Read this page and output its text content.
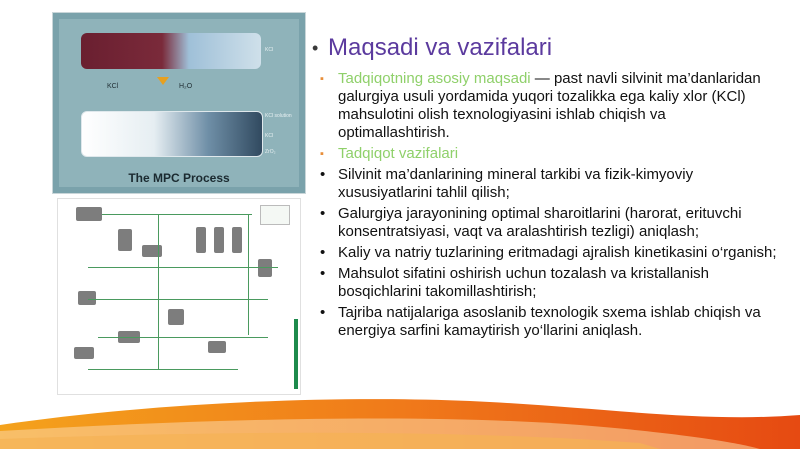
KCl
KCl	H₂O
KCl solution
KCl
ZrO₂
The MPC Process
• Maqsadi va vazifalari
▪ Tadqiqotning asosiy maqsadi — past navli silvinit ma’danlaridan galurgiya usuli yordamida yuqori tozalikka ega kaliy xlor (KCl) mahsulotini olish texnologiyasini ishlab chiqish va optimallashtirish.
▪ Tadqiqot vazifalari
• Silvinit ma’danlarining mineral tarkibi va fizik-kimyoviy xususiyatlarini tahlil qilish;
• Galurgiya jarayonining optimal sharoitlarini (harorat, erituvchi konsentratsiyasi, vaqt va aralashtirish tezligi) aniqlash;
• Kaliy va natriy tuzlarining eritmadagi ajralish kinetikasini o‘rganish;
• Mahsulot sifatini oshirish uchun tozalash va kristallanish bosqichlarini takomillashtirish;
• Tajriba natijalariga asoslanib texnologik sxema ishlab chiqish va energiya sarfini kamaytirish yo‘llarini aniqlash.
